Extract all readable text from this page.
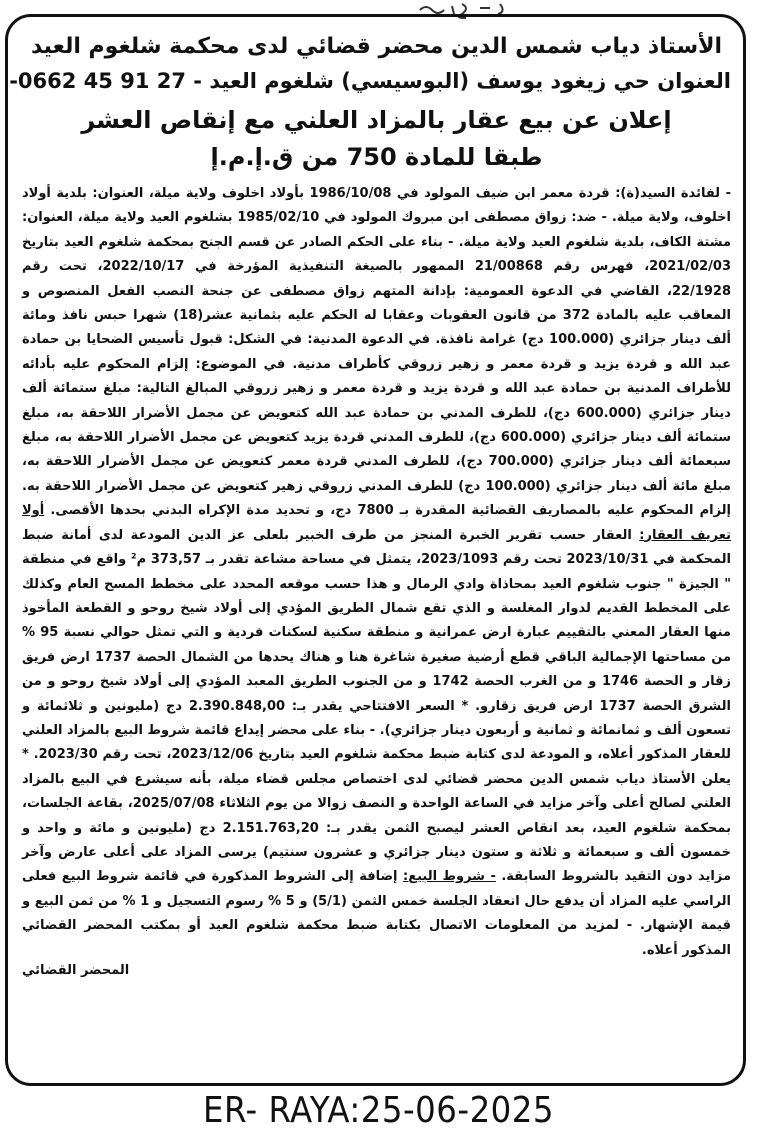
الأستاذ دياب شمس الدين محضر قضائي لدى محكمة شلغوم العيد
العنوان حي زيغود يوسف (البوسيسي) شلغوم العيد - 27 91 45 0662-
إعلان عن بيع عقار بالمزاد العلني مع إنقاص العشر
طبقا للمادة 750 من ق.إ.م.إ

- لفائدة السيد(ة): قردة معمر ابن ضيف المولود في 1986/10/08 بأولاد اخلوف ولاية ميلة، العنوان: بلدية أولاد اخلوف، ولاية ميلة. - ضد: زواق مصطفى ابن مبروك المولود في 1985/02/10 بشلغوم العيد ولاية ميلة، العنوان: مشتة الكاف، بلدية شلغوم العيد ولاية ميلة. - بناء على الحكم الصادر عن قسم الجنح بمحكمة شلغوم العيد بتاريخ 2021/02/03، فهرس رقم 21/00868 الممهور بالصيغة التنفيذية المؤرخة في 2022/10/17، تحت رقم 22/1928، القاضي في الدعوة العمومية: بإدانة المتهم زواق مصطفى عن جنحة النصب الفعل المنصوص و المعاقب عليه بالمادة 372 من قانون العقوبات وعقابا له الحكم عليه بثمانية عشر(18) شهرا حبس نافذ ومائة ألف دينار جزائري (100.000 دج) غرامة نافذة. في الدعوة المدنية: في الشكل: قبول تأسيس الضحايا بن حمادة عبد الله و قردة يزيد و قردة معمر و زهير زروقي كأطراف مدنية. في الموضوع: إلزام المحكوم عليه بأدائه للأطراف المدنية بن حمادة عبد الله و قردة يزيد و قردة معمر و زهير زروقي المبالغ التالية: مبلغ ستمائة ألف دينار جزائري (600.000 دج)، للطرف المدني بن حمادة عبد الله كتعويض عن مجمل الأضرار اللاحقة به، مبلغ ستمائة ألف دينار جزائري (600.000 دج)، للطرف المدني قردة يزيد كتعويض عن مجمل الأضرار اللاحقة به، مبلغ سبعمائة ألف دينار جزائري (700.000 دج)، للطرف المدني قردة معمر كتعويض عن مجمل الأضرار اللاحقة به، مبلغ مائة ألف دينار جزائري (100.000 دج) للطرف المدني زروقي زهير كتعويض عن مجمل الأضرار اللاحقة به. إلزام المحكوم عليه بالمصاريف القضائية المقدرة بـ 7800 دج، و تحديد مدة الإكراه البدني بحدها الأقصى. أولا تعريف العقار: العقار حسب تقرير الخبرة المنجز من طرف الخبير بلعلى عز الدين المودعة لدى أمانة ضبط المحكمة في 2023/10/31 تحت رقم 2023/1093، يتمثل في مساحة مشاعة تقدر بـ 373,57 م² واقع في منطقة " الجيزة " جنوب شلغوم العيد بمحاذاة وادي الرمال و هذا حسب موقعه المحدد على مخطط المسح العام وكذلك على المخطط القديم لدوار المغلسة و الذي تقع شمال الطريق المؤدي إلى أولاد شيخ روحو و القطعة المأخوذ منها العقار المعني بالتقييم عبارة ارض عمرانية و منطقة سكنية لسكنات فردية و التي تمثل حوالي نسبة 95 % من مساحتها الإجمالية الباقي قطع أرضية صغيرة شاغرة هنا و هناك يحدها من الشمال الحصة 1737 ارض فريق زقار و الحصة 1746 و من الغرب الحصة 1742 و من الجنوب الطريق المعبد المؤدي إلى أولاد شيخ روحو و من الشرق الحصة 1737 ارض فريق زقارو. * السعر الافتتاحي يقدر بـ: 2.390.848,00 دج (مليونين و ثلاثمائة و تسعون ألف و ثمانمائة و ثمانية و أربعون دينار جزائري). - بناء على محضر إيداع قائمة شروط البيع بالمزاد العلني للعقار المذكور أعلاه، و المودعة لدى كتابة ضبط محكمة شلغوم العيد بتاريخ 2023/12/06، تحت رقم 2023/30. * يعلن الأستاذ دياب شمس الدين محضر قضائي لدى اختصاص مجلس قضاء ميلة، بأنه سيشرع في البيع بالمزاد العلني لصالح أعلى وآخر مزايد في الساعة الواحدة و النصف زوالا من يوم الثلاثاء 2025/07/08، بقاعة الجلسات، بمحكمة شلغوم العيد، بعد انقاص العشر ليصبح الثمن يقدر بـ: 2.151.763,20 دج (مليونين و مائة و واحد و خمسون ألف و سبعمائة و ثلاثة و ستون دينار جزائري و عشرون سنتيم) يرسى المزاد على أعلى عارض وآخر مزايد دون التقيد بالشروط السابقة. - شروط البيع: إضافة إلى الشروط المذكورة في قائمة شروط البيع فعلى الراسي عليه المزاد أن يدفع حال انعقاد الجلسة خمس الثمن (5/1) و 5 % رسوم التسجيل و 1 % من ثمن البيع و قيمة الإشهار. - لمزيد من المعلومات الاتصال بكتابة ضبط محكمة شلغوم العيد أو بمكتب المحضر القضائي المذكور أعلاه.

المحضر القضائي
ER- RAYA:25-06-2025
